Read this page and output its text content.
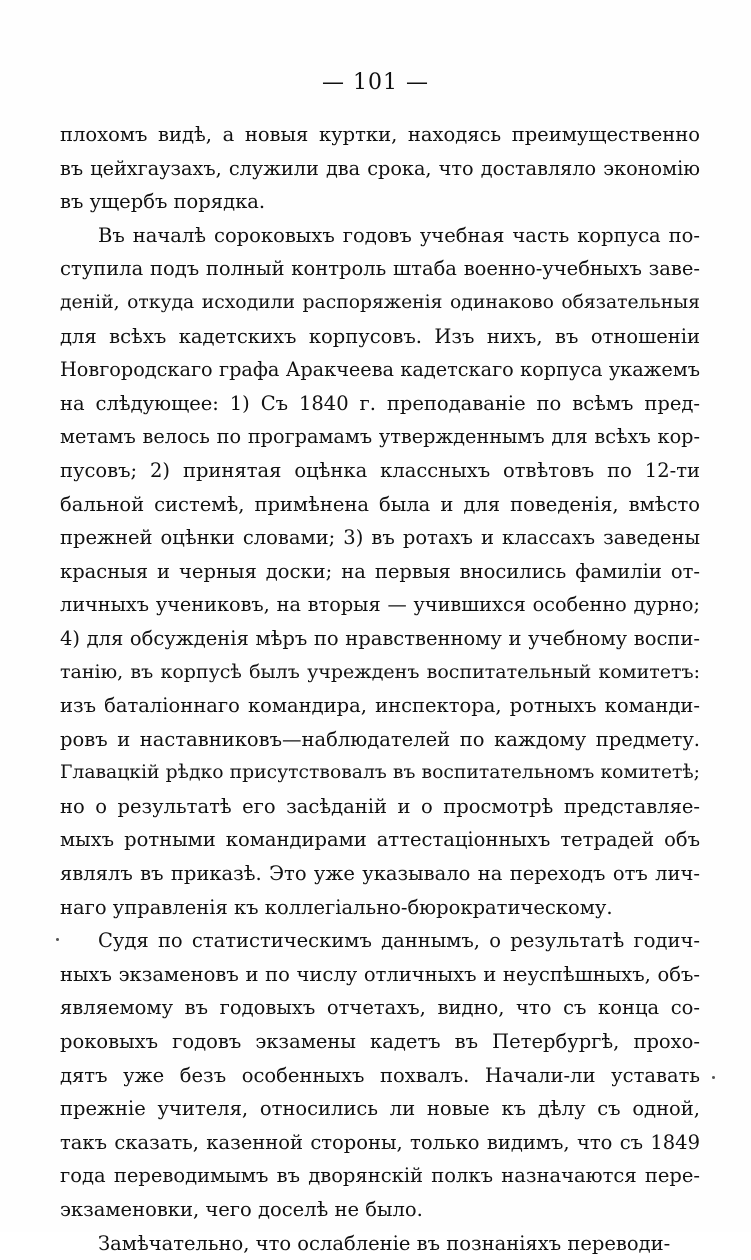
— 101 —
плохомъ видѣ, а новыя куртки, находясь преимущественно
въ цейхгаузахъ, служили два срока, что доставляло экономію
въ ущербъ порядка.
Въ началѣ сороковыхъ годовъ учебная часть корпуса по-
ступила подъ полный контроль штаба военно-учебныхъ заве-
деній, откуда исходили распоряженія одинаково обязательныя
для всѣхъ кадетскихъ корпусовъ. Изъ нихъ, въ отношеніи
Новгородскаго графа Аракчеева кадетскаго корпуса укажемъ
на слѣдующее: 1) Съ 1840 г. преподаваніе по всѣмъ пред-
метамъ велось по програмамъ утвержденнымъ для всѣхъ кор-
пусовъ; 2) принятая оцѣнка классныхъ отвѣтовъ по 12-ти
бальной системѣ, примѣнена была и для поведенія, вмѣсто
прежней оцѣнки словами; 3) въ ротахъ и классахъ заведены
красныя и черныя доски; на первыя вносились фамиліи от-
личныхъ учениковъ, на вторыя — учившихся особенно дурно;
4) для обсужденія мѣръ по нравственному и учебному воспи-
танію, въ корпусѣ былъ учрежденъ воспитательный комитетъ:
изъ баталіоннаго командира, инспектора, ротныхъ команди-
ровъ и наставниковъ—наблюдателей по каждому предмету.
Главацкій рѣдко присутствовалъ въ воспитательномъ комитетѣ;
но о результатѣ его засѣданій и о просмотрѣ представляе-
мыхъ ротными командирами аттестаціонныхъ тетрадей объ
являлъ въ приказѣ. Это уже указывало на переходъ отъ лич-
наго управленія къ коллегіально-бюрократическому.
Судя по статистическимъ даннымъ, о результатѣ годич-
ныхъ экзаменовъ и по числу отличныхъ и неуспѣшныхъ, объ-
являемому въ годовыхъ отчетахъ, видно, что съ конца со-
роковыхъ годовъ экзамены кадетъ въ Петербургѣ, прохо-
дятъ уже безъ особенныхъ похвалъ. Начали-ли уставать
прежніе учителя, относились ли новые къ дѣлу съ одной,
такъ сказать, казенной стороны, только видимъ, что съ 1849
года переводимымъ въ дворянскій полкъ назначаются пере-
экзаменовки, чего доселѣ не было.
Замѣчательно, что ослабленіе въ познаніяхъ переводи-
